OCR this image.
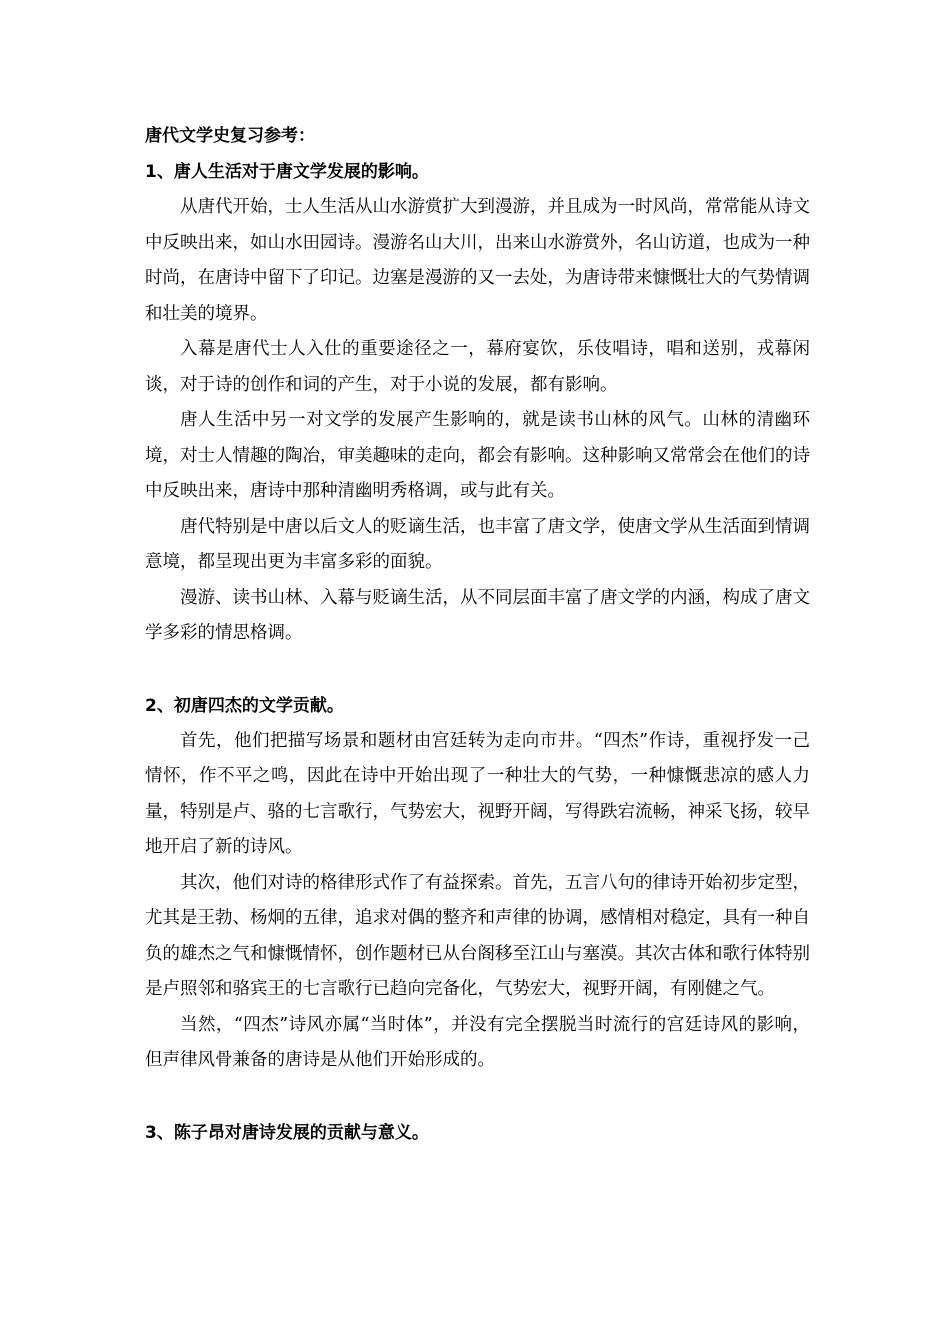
唐代文学史复习参考：
1、唐人生活对于唐文学发展的影响。

从唐代开始，士人生活从山水游赏扩大到漫游，并且成为一时风尚，常常能从诗文中反映出来，如山水田园诗。漫游名山大川，出来山水游赏外，名山访道，也成为一种时尚，在唐诗中留下了印记。边塞是漫游的又一去处，为唐诗带来慷慨壮大的气势情调和壮美的境界。

入幕是唐代士人入仕的重要途径之一，幕府宴饮，乐伎唱诗，唱和送别，戎幕闲谈，对于诗的创作和词的产生，对于小说的发展，都有影响。

唐人生活中另一对文学的发展产生影响的，就是读书山林的风气。山林的清幽环境，对士人情趣的陶冶，审美趣味的走向，都会有影响。这种影响又常常会在他们的诗中反映出来，唐诗中那种清幽明秀格调，或与此有关。

唐代特别是中唐以后文人的贬谪生活，也丰富了唐文学，使唐文学从生活面到情调意境，都呈现出更为丰富多彩的面貌。

漫游、读书山林、入幕与贬谪生活，从不同层面丰富了唐文学的内涵，构成了唐文学多彩的情思格调。

2、初唐四杰的文学贡献。

首先，他们把描写场景和题材由宫廷转为走向市井。“四杰”作诗，重视抒发一己情怀，作不平之鸣，因此在诗中开始出现了一种壮大的气势，一种慷慨悲凉的感人力量，特别是卢、骆的七言歌行，气势宏大，视野开阔，写得跌宕流畅，神采飞扬，较早地开启了新的诗风。

其次，他们对诗的格律形式作了有益探索。首先，五言八句的律诗开始初步定型，尤其是王勃、杨炯的五律，追求对偶的整齐和声律的协调，感情相对稳定，具有一种自负的雄杰之气和慷慨情怀，创作题材已从台阁移至江山与塞漠。其次古体和歌行体特别是卢照邻和骆宾王的七言歌行已趋向完备化，气势宏大，视野开阔，有刚健之气。

当然，“四杰”诗风亦属“当时体”，并没有完全摆脱当时流行的宫廷诗风的影响，但声律风骨兼备的唐诗是从他们开始形成的。

3、陈子昂对唐诗发展的贡献与意义。
